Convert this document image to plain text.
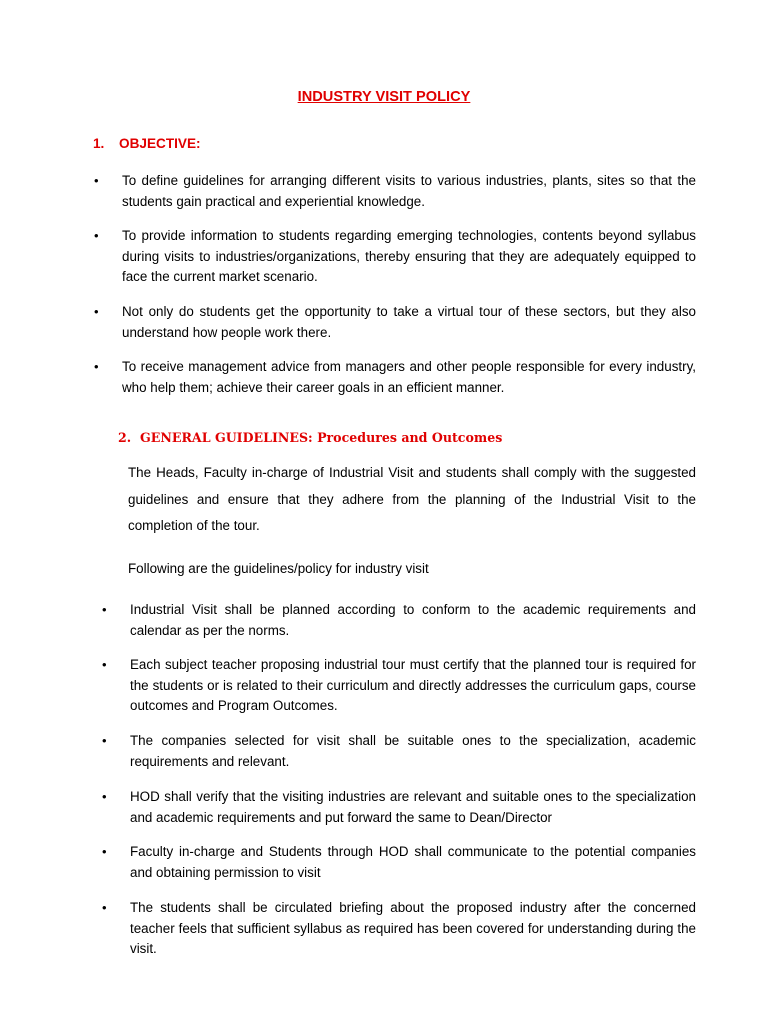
INDUSTRY VISIT POLICY
1. OBJECTIVE:
•	To define guidelines for arranging different visits to various industries, plants, sites so that the students gain practical and experiential knowledge.
•	To provide information to students regarding emerging technologies, contents beyond syllabus during visits to industries/organizations, thereby ensuring that they are adequately equipped to face the current market scenario.
•	Not only do students get the opportunity to take a virtual tour of these sectors, but they also understand how people work there.
•	To receive management advice from managers and other people responsible for every industry, who help them; achieve their career goals in an efficient manner.
2. GENERAL GUIDELINES: Procedures and Outcomes
The Heads, Faculty in-charge of Industrial Visit and students shall comply with the suggested guidelines and ensure that they adhere from the planning of the Industrial Visit to the completion of the tour.
Following are the guidelines/policy for industry visit
•	Industrial Visit shall be planned according to conform to the academic requirements and calendar as per the norms.
•	Each subject teacher proposing industrial tour must certify that the planned tour is required for the students or is related to their curriculum and directly addresses the curriculum gaps, course outcomes and Program Outcomes.
•	The companies selected for visit shall be suitable ones to the specialization, academic requirements and relevant.
•	HOD shall verify that the visiting industries are relevant and suitable ones to the specialization and academic requirements and put forward the same to Dean/Director
•	Faculty in-charge and Students through HOD shall communicate to the potential companies and obtaining permission to visit
•	The students shall be circulated briefing about the proposed industry after the concerned teacher feels that sufficient syllabus as required has been covered for understanding during the visit.
